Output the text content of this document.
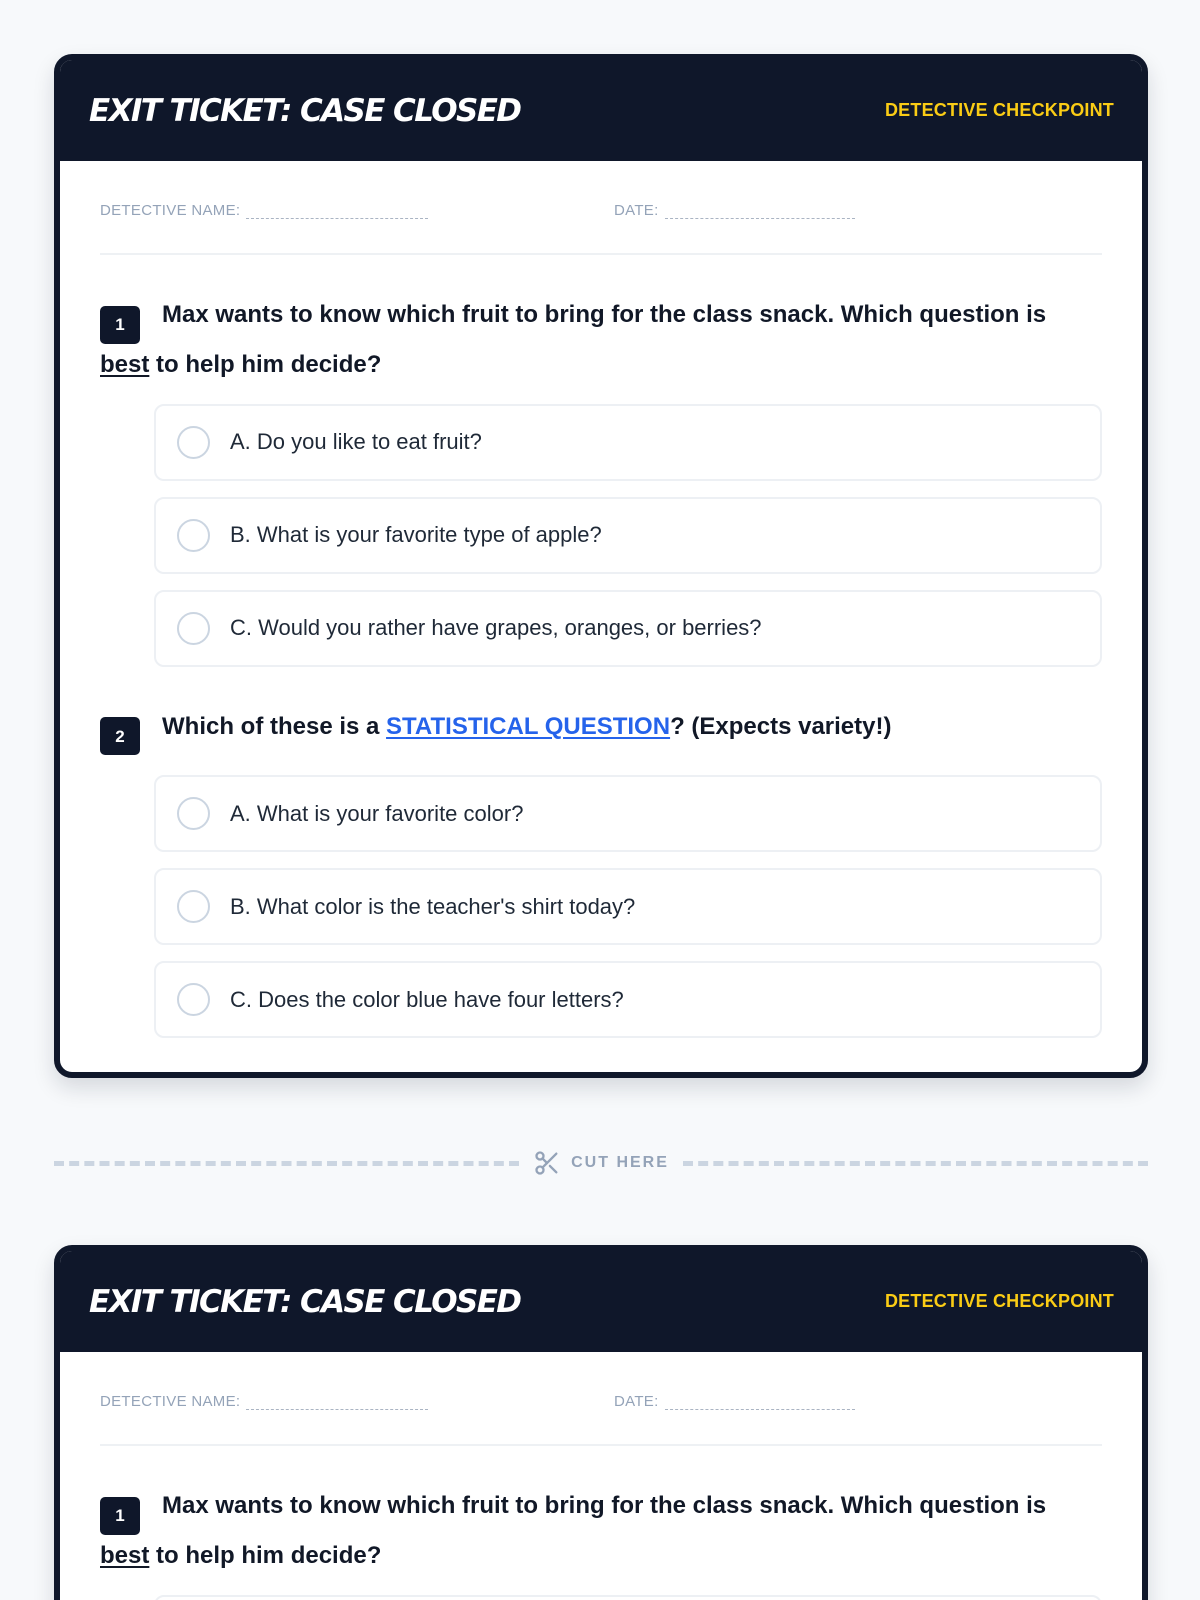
EXIT TICKET: CASE CLOSED	DETECTIVE CHECKPOINT
DETECTIVE NAME:	DATE:

1 Max wants to know which fruit to bring for the class snack. Which question is best to help him decide?

A. Do you like to eat fruit?
B. What is your favorite type of apple?
C. Would you rather have grapes, oranges, or berries?

2 Which of these is a STATISTICAL QUESTION? (Expects variety!)

A. What is your favorite color?
B. What color is the teacher's shirt today?
C. Does the color blue have four letters?
CUT HERE
EXIT TICKET: CASE CLOSED	DETECTIVE CHECKPOINT
DETECTIVE NAME:	DATE:

1 Max wants to know which fruit to bring for the class snack. Which question is best to help him decide?
